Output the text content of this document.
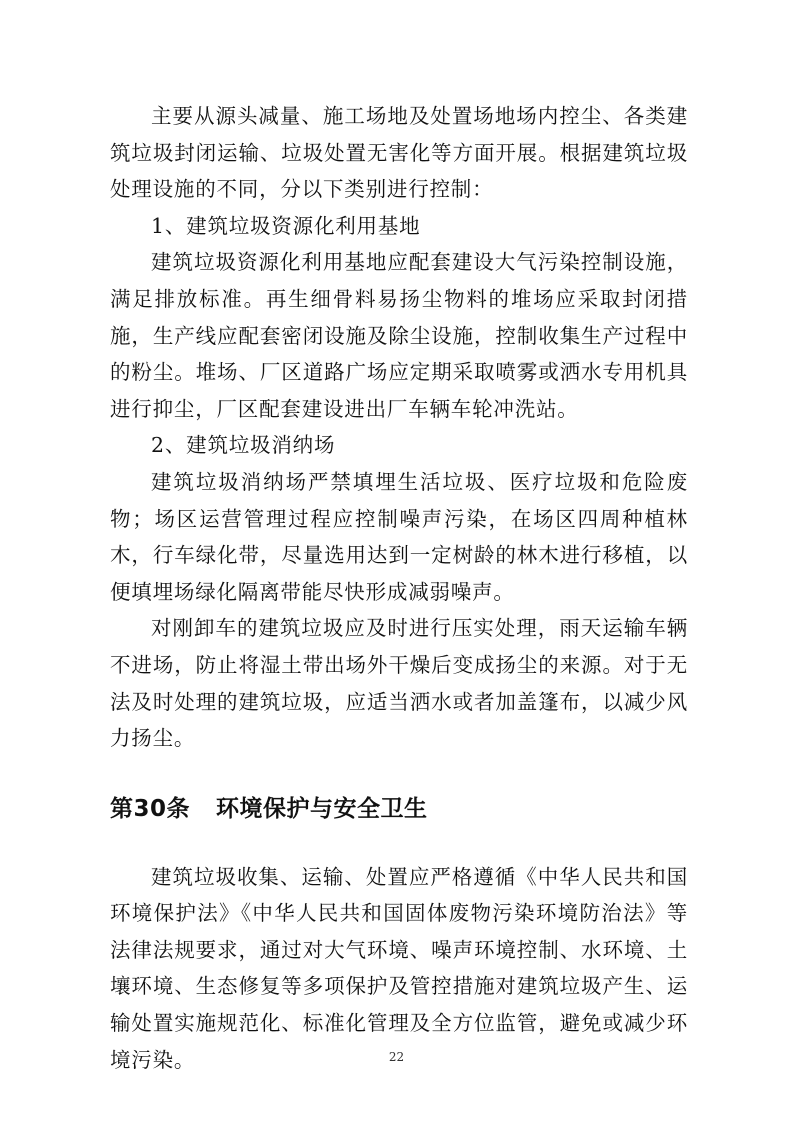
主要从源头减量、施工场地及处置场地场内控尘、各类建筑垃圾封闭运输、垃圾处置无害化等方面开展。根据建筑垃圾处理设施的不同，分以下类别进行控制：

1、建筑垃圾资源化利用基地

建筑垃圾资源化利用基地应配套建设大气污染控制设施，满足排放标准。再生细骨料易扬尘物料的堆场应采取封闭措施，生产线应配套密闭设施及除尘设施，控制收集生产过程中的粉尘。堆场、厂区道路广场应定期采取喷雾或洒水专用机具进行抑尘，厂区配套建设进出厂车辆车轮冲洗站。

2、建筑垃圾消纳场

建筑垃圾消纳场严禁填埋生活垃圾、医疗垃圾和危险废物；场区运营管理过程应控制噪声污染，在场区四周种植林木，行车绿化带，尽量选用达到一定树龄的林木进行移植，以便填埋场绿化隔离带能尽快形成减弱噪声。

对刚卸车的建筑垃圾应及时进行压实处理，雨天运输车辆不进场，防止将湿土带出场外干燥后变成扬尘的来源。对于无法及时处理的建筑垃圾，应适当洒水或者加盖篷布，以减少风力扬尘。

第30条 环境保护与安全卫生

建筑垃圾收集、运输、处置应严格遵循《中华人民共和国环境保护法》《中华人民共和国固体废物污染环境防治法》等法律法规要求，通过对大气环境、噪声环境控制、水环境、土壤环境、生态修复等多项保护及管控措施对建筑垃圾产生、运输处置实施规范化、标准化管理及全方位监管，避免或减少环境污染。	22
